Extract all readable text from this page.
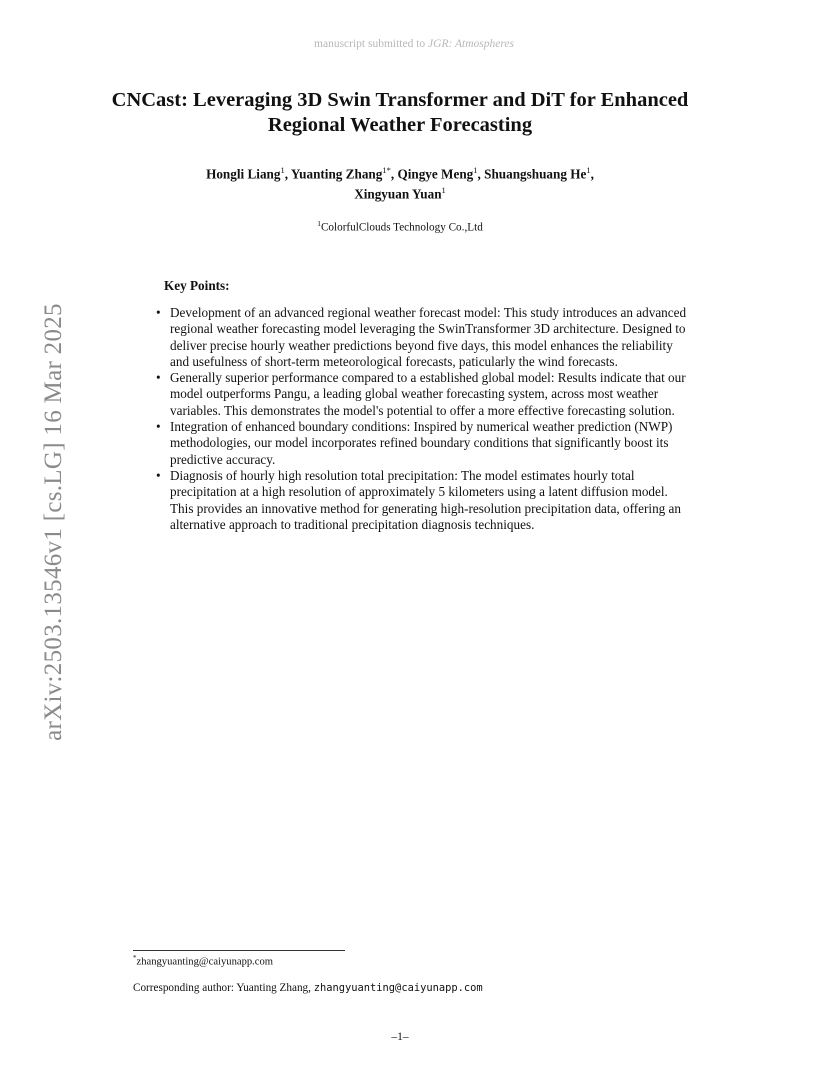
manuscript submitted to JGR: Atmospheres
arXiv:2503.13546v1 [cs.LG] 16 Mar 2025
CNCast: Leveraging 3D Swin Transformer and DiT for Enhanced Regional Weather Forecasting
Hongli Liang$^1$, Yuanting Zhang$^{1*}$, Qingye Meng$^1$, Shuangshuang He$^1$,
Xingyuan Yuan$^1$
$^1$ColorfulClouds Technology Co.,Ltd
Key Points:
• Development of an advanced regional weather forecast model: This study introduces an advanced regional weather forecasting model leveraging the SwinTransformer 3D architecture. Designed to deliver precise hourly weather predictions beyond five days, this model enhances the reliability and usefulness of short-term meteorological forecasts, paticularly the wind forecasts.
• Generally superior performance compared to a established global model: Results indicate that our model outperforms Pangu, a leading global weather forecasting system, across most weather variables. This demonstrates the model's potential to offer a more effective forecasting solution.
• Integration of enhanced boundary conditions: Inspired by numerical weather prediction (NWP) methodologies, our model incorporates refined boundary conditions that significantly boost its predictive accuracy.
• Diagnosis of hourly high resolution total precipitation: The model estimates hourly total precipitation at a high resolution of approximately 5 kilometers using a latent diffusion model. This provides an innovative method for generating high-resolution precipitation data, offering an alternative approach to traditional precipitation diagnosis techniques.
*zhangyuanting@caiyunapp.com
Corresponding author: Yuanting Zhang, zhangyuanting@caiyunapp.com
–1–
